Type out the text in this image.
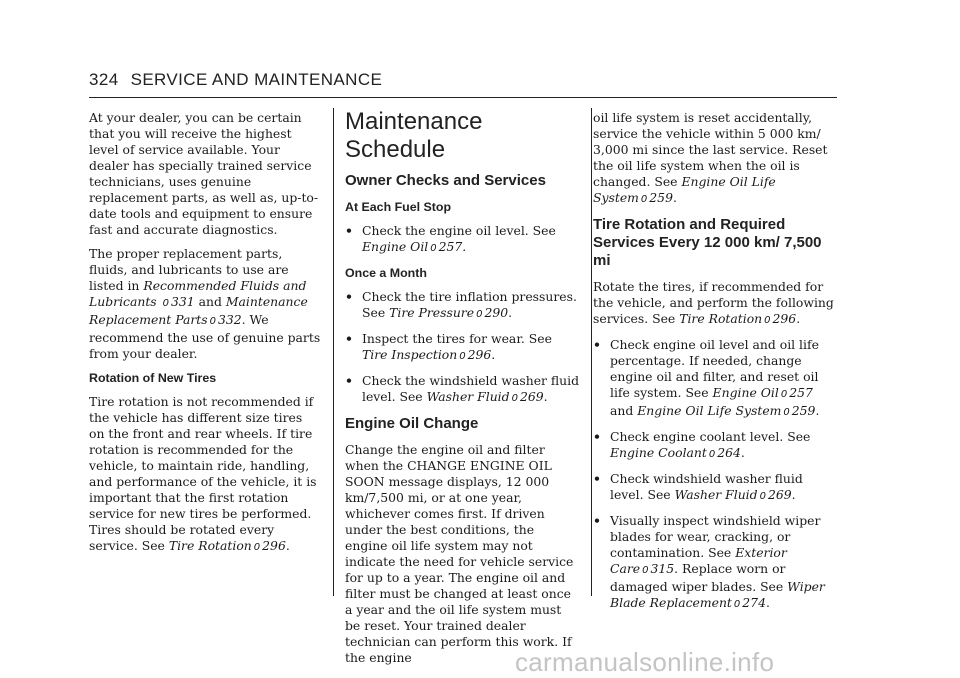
324 SERVICE AND MAINTENANCE

At your dealer, you can be certain that you will receive the highest level of service available. Your dealer has specially trained service technicians, uses genuine replacement parts, as well as, up-to-date tools and equipment to ensure fast and accurate diagnostics.

The proper replacement parts, fluids, and lubricants to use are listed in Recommended Fluids and Lubricants 0 331 and Maintenance Replacement Parts 0 332. We recommend the use of genuine parts from your dealer.

Rotation of New Tires

Tire rotation is not recommended if the vehicle has different size tires on the front and rear wheels. If tire rotation is recommended for the vehicle, to maintain ride, handling, and performance of the vehicle, it is important that the first rotation service for new tires be performed. Tires should be rotated every service. See Tire Rotation 0 296.

Maintenance Schedule
Owner Checks and Services
At Each Fuel Stop
• Check the engine oil level. See Engine Oil 0 257.
Once a Month
• Check the tire inflation pressures. See Tire Pressure 0 290.
• Inspect the tires for wear. See Tire Inspection 0 296.
• Check the windshield washer fluid level. See Washer Fluid 0 269.
Engine Oil Change

Change the engine oil and filter when the CHANGE ENGINE OIL SOON message displays, 12 000 km/7,500 mi, or at one year, whichever comes first. If driven under the best conditions, the engine oil life system may not indicate the need for vehicle service for up to a year. The engine oil and filter must be changed at least once a year and the oil life system must be reset. Your trained dealer technician can perform this work. If the engine

oil life system is reset accidentally, service the vehicle within 5 000 km/ 3,000 mi since the last service. Reset the oil life system when the oil is changed. See Engine Oil Life System 0 259.

Tire Rotation and Required Services Every 12 000 km/ 7,500 mi

Rotate the tires, if recommended for the vehicle, and perform the following services. See Tire Rotation 0 296.

• Check engine oil level and oil life percentage. If needed, change engine oil and filter, and reset oil life system. See Engine Oil 0 257 and Engine Oil Life System 0 259.
• Check engine coolant level. See Engine Coolant 0 264.
• Check windshield washer fluid level. See Washer Fluid 0 269.
• Visually inspect windshield wiper blades for wear, cracking, or contamination. See Exterior Care 0 315. Replace worn or damaged wiper blades. See Wiper Blade Replacement 0 274.
carmanualsonline.info
